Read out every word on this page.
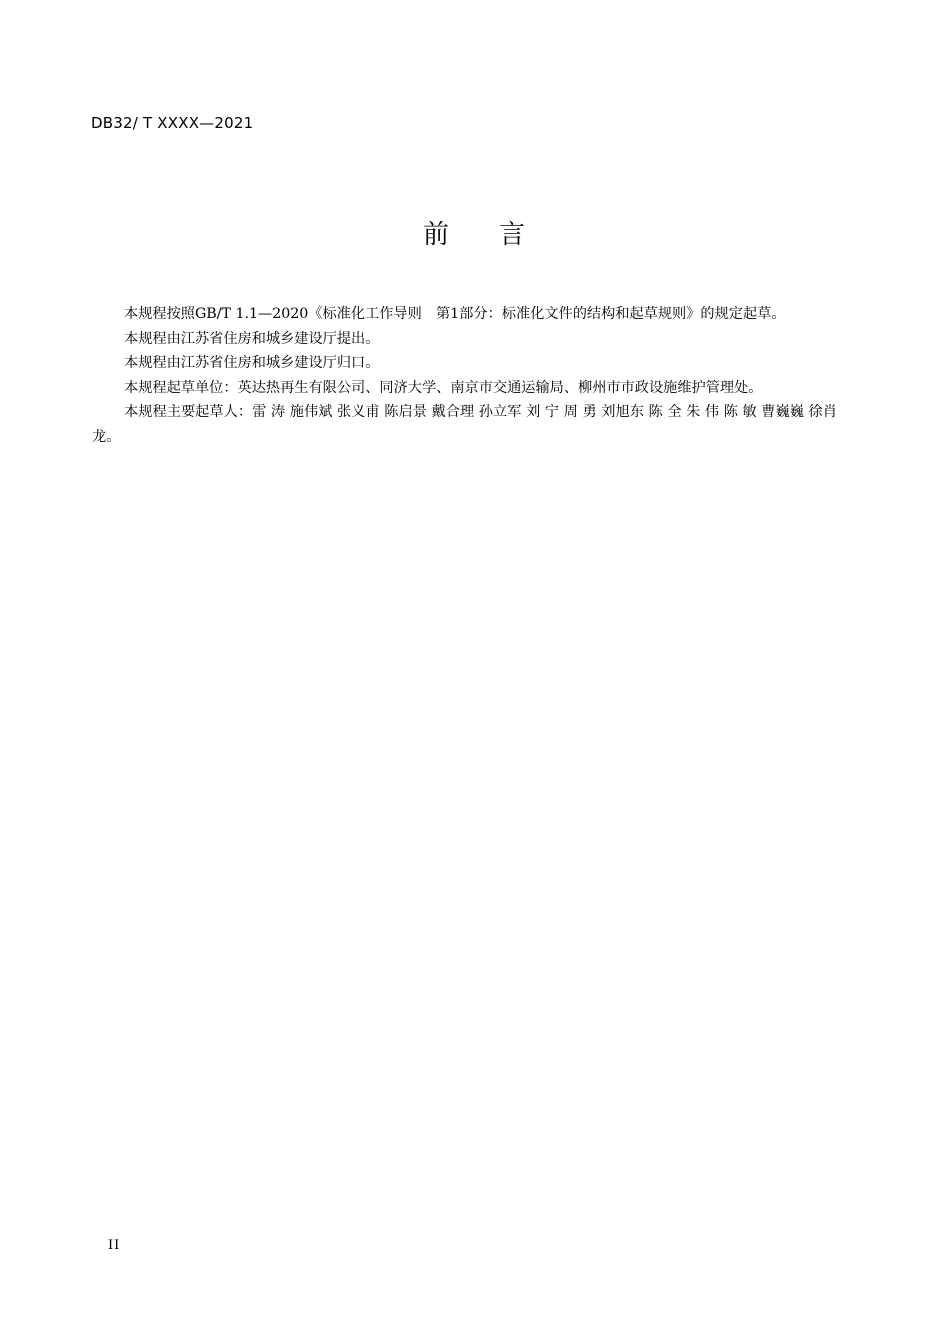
DB32/ T XXXX—2021
前 言

本规程按照GB/T 1.1—2020《标准化工作导则　第1部分：标准化文件的结构和起草规则》的规定起草。

本规程由江苏省住房和城乡建设厅提出。

本规程由江苏省住房和城乡建设厅归口。

本规程起草单位：英达热再生有限公司、同济大学、南京市交通运输局、柳州市市政设施维护管理处。

本规程主要起草人：雷 涛 施伟斌 张义甫 陈启景 戴合理 孙立军 刘 宁 周 勇 刘旭东 陈 全 朱 伟 陈 敏 曹巍巍 徐肖龙。

II
